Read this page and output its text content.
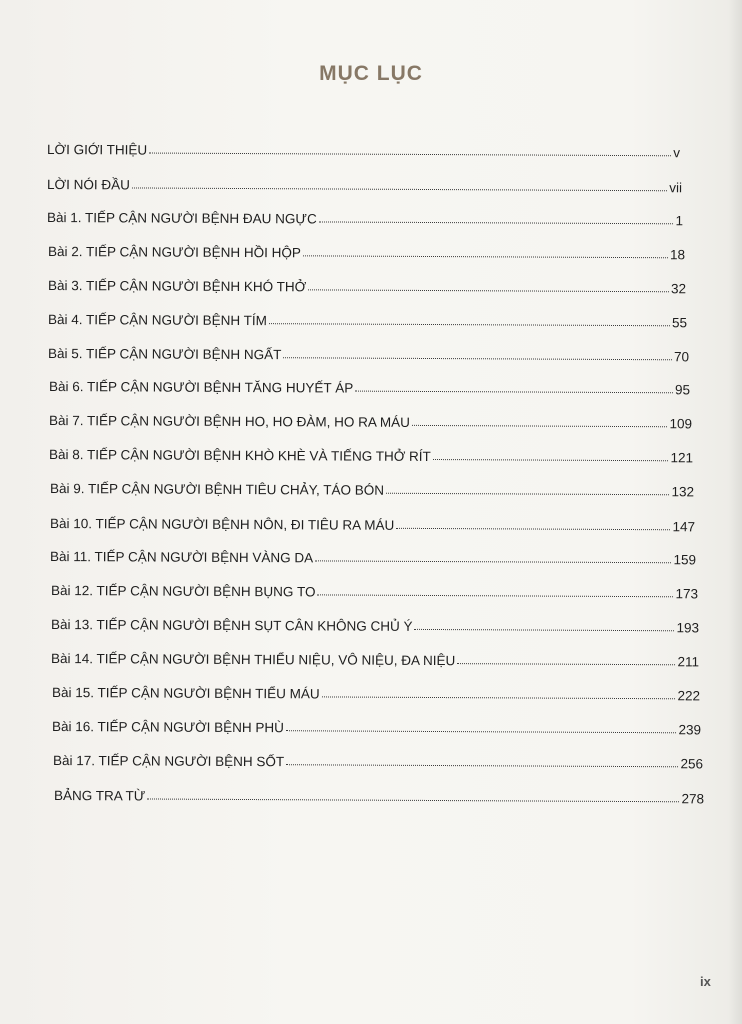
MỤC LỤC
LỜI GIỚI THIỆU	v
LỜI NÓI ĐẦU	vii
Bài 1. TIẾP CẬN NGƯỜI BỆNH ĐAU NGỰC	1
Bài 2. TIẾP CẬN NGƯỜI BỆNH HỒI HỘP	18
Bài 3. TIẾP CẬN NGƯỜI BỆNH KHÓ THỞ	32
Bài 4. TIẾP CẬN NGƯỜI BỆNH TÍM	55
Bài 5. TIẾP CẬN NGƯỜI BỆNH NGẤT	70
Bài 6. TIẾP CẬN NGƯỜI BỆNH TĂNG HUYẾT ÁP	95
Bài 7. TIẾP CẬN NGƯỜI BỆNH HO, HO ĐÀM, HO RA MÁU	109
Bài 8. TIẾP CẬN NGƯỜI BỆNH KHÒ KHÈ VÀ TIẾNG THỞ RÍT	121
Bài 9. TIẾP CẬN NGƯỜI BỆNH TIÊU CHẢY, TÁO BÓN	132
Bài 10. TIẾP CẬN NGƯỜI BỆNH NÔN, ĐI TIÊU RA MÁU	147
Bài 11. TIẾP CẬN NGƯỜI BỆNH VÀNG DA	159
Bài 12. TIẾP CẬN NGƯỜI BỆNH BỤNG TO	173
Bài 13. TIẾP CẬN NGƯỜI BỆNH SỤT CÂN KHÔNG CHỦ Ý	193
Bài 14. TIẾP CẬN NGƯỜI BỆNH THIỂU NIỆU, VÔ NIỆU, ĐA NIỆU	211
Bài 15. TIẾP CẬN NGƯỜI BỆNH TIỂU MÁU	222
Bài 16. TIẾP CẬN NGƯỜI BỆNH PHÙ	239
Bài 17. TIẾP CẬN NGƯỜI BỆNH SỐT	256
BẢNG TRA TỪ	278
ix
